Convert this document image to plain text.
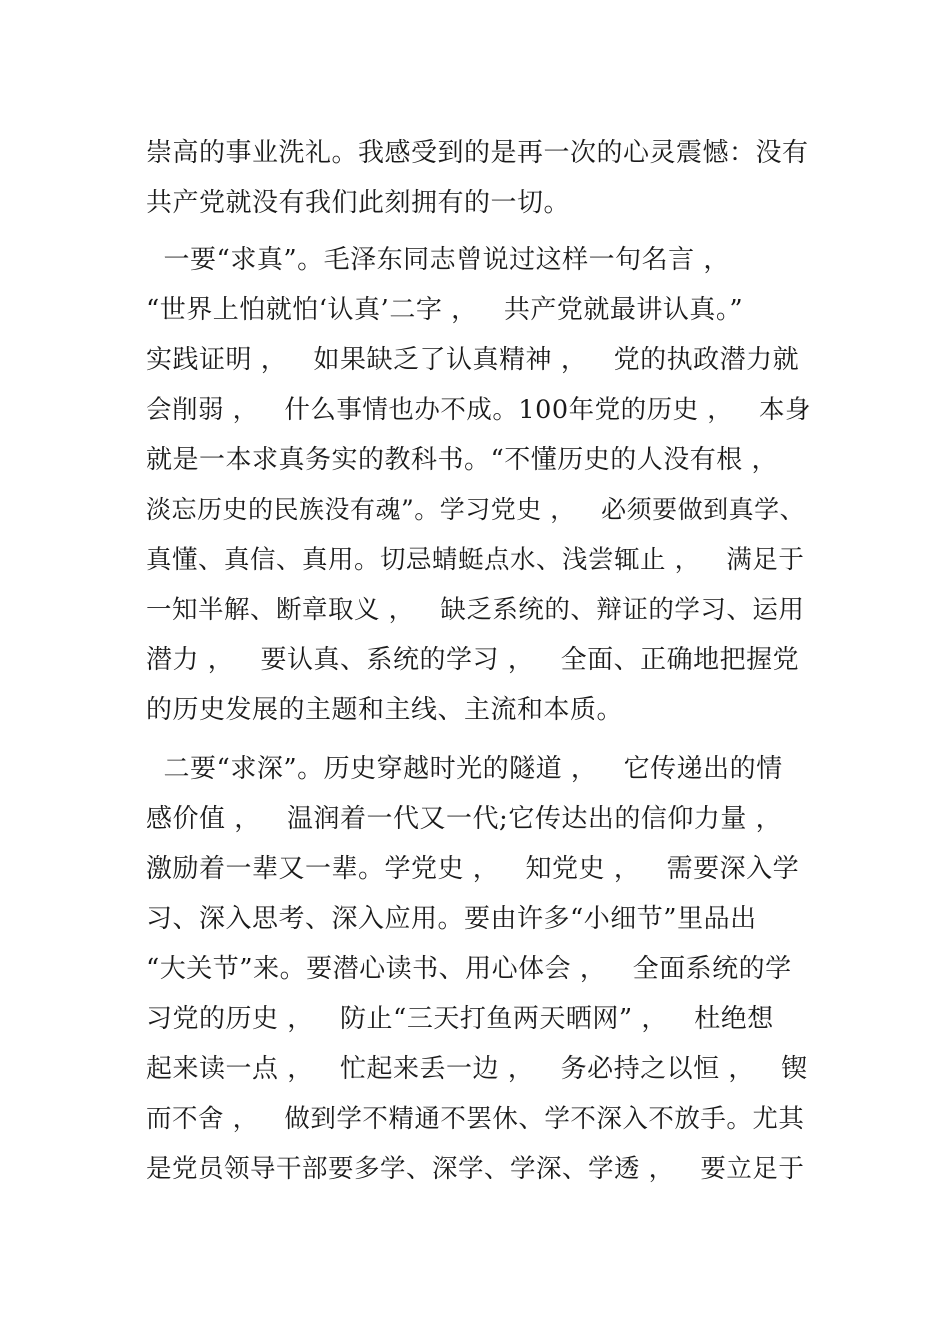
崇高的事业洗礼。我感受到的是再一次的心灵震憾：没有
共产党就没有我们此刻拥有的一切。
一要“求真”。毛泽东同志曾说过这样一句名言 ，
“世界上怕就怕‘认真’二字 ，   共产党就最讲认真。”
实践证明 ，   如果缺乏了认真精神 ，   党的执政潜力就
会削弱 ，   什么事情也办不成。100年党的历史 ，   本身
就是一本求真务实的教科书。“不懂历史的人没有根 ，
淡忘历史的民族没有魂”。学习党史 ，   必须要做到真学、
真懂、真信、真用。切忌蜻蜓点水、浅尝辄止 ，   满足于
一知半解、断章取义 ，   缺乏系统的、辩证的学习、运用
潜力 ，   要认真、系统的学习 ，   全面、正确地把握党
的历史发展的主题和主线、主流和本质。
二要“求深”。历史穿越时光的隧道 ，   它传递出的情
感价值 ，   温润着一代又一代;它传达出的信仰力量 ，
激励着一辈又一辈。学党史 ，   知党史 ，   需要深入学
习、深入思考、深入应用。要由许多“小细节”里品出
“大关节”来。要潜心读书、用心体会 ，   全面系统的学
习党的历史 ，   防止“三天打鱼两天晒网” ，   杜绝想
起来读一点 ，   忙起来丢一边 ，   务必持之以恒 ，   锲
而不舍 ，   做到学不精通不罢休、学不深入不放手。尤其
是党员领导干部要多学、深学、学深、学透 ，   要立足于
